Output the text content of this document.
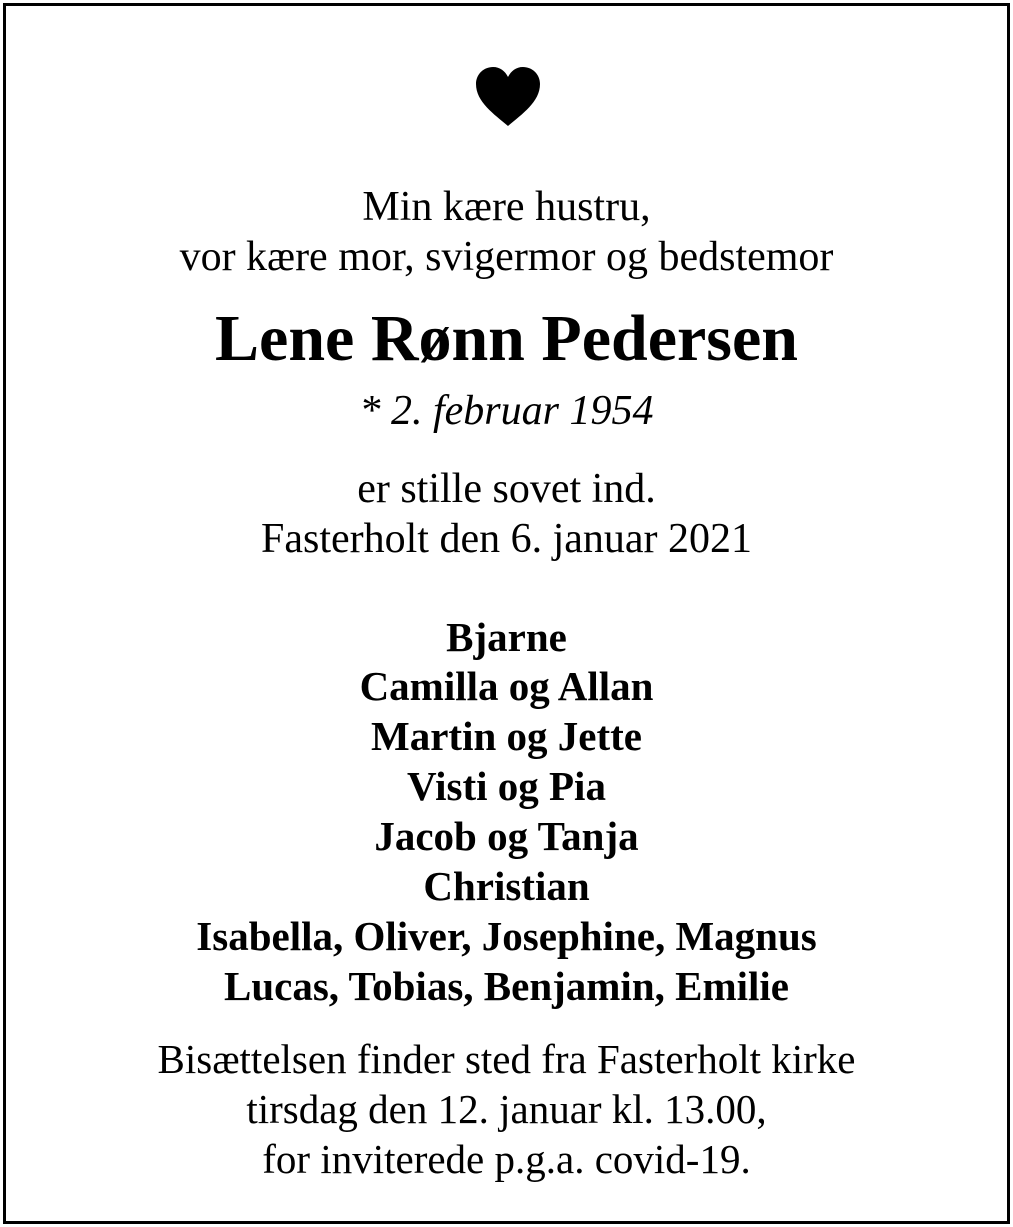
Min kære hustru,
vor kære mor, svigermor og bedstemor
Lene Rønn Pedersen
* 2. februar 1954
er stille sovet ind.
Fasterholt den 6. januar 2021
Bjarne
Camilla og Allan
Martin og Jette
Visti og Pia
Jacob og Tanja
Christian
Isabella, Oliver, Josephine, Magnus
Lucas, Tobias, Benjamin, Emilie
Bisættelsen finder sted fra Fasterholt kirke
tirsdag den 12. januar kl. 13.00,
for inviterede p.g.a. covid-19.
